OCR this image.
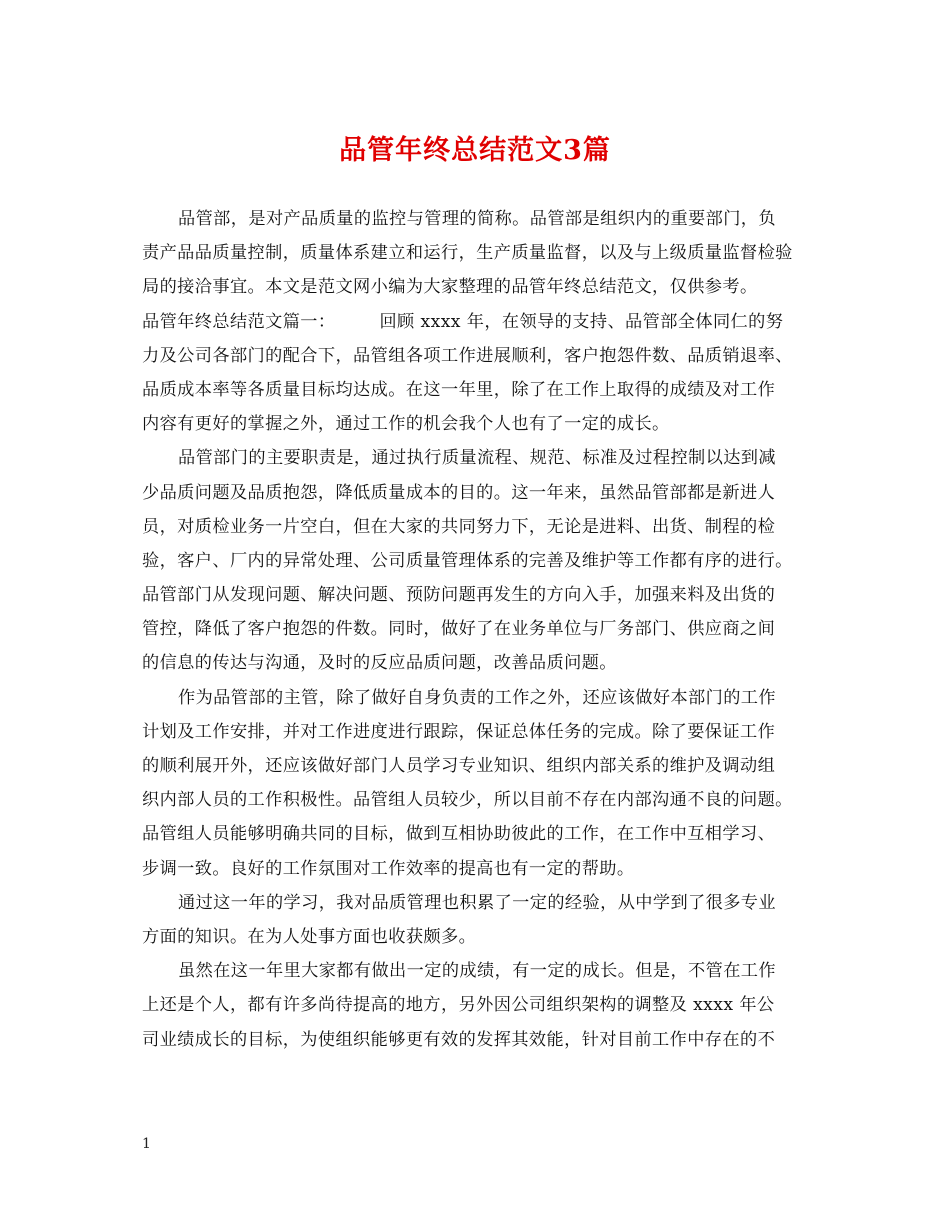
品管年终总结范文3篇
品管部，是对产品质量的监控与管理的简称。品管部是组织内的重要部门，负
责产品品质量控制，质量体系建立和运行，生产质量监督，以及与上级质量监督检验
局的接洽事宜。本文是范文网小编为大家整理的品管年终总结范文，仅供参考。
品管年终总结范文篇一：	回顾 xxxx 年，在领导的支持、品管部全体同仁的努
力及公司各部门的配合下，品管组各项工作进展顺利，客户抱怨件数、品质销退率、
品质成本率等各质量目标均达成。在这一年里，除了在工作上取得的成绩及对工作
内容有更好的掌握之外，通过工作的机会我个人也有了一定的成长。
品管部门的主要职责是，通过执行质量流程、规范、标准及过程控制以达到减
少品质问题及品质抱怨，降低质量成本的目的。这一年来，虽然品管部都是新进人
员，对质检业务一片空白，但在大家的共同努力下，无论是进料、出货、制程的检
验，客户、厂内的异常处理、公司质量管理体系的完善及维护等工作都有序的进行。
品管部门从发现问题、解决问题、预防问题再发生的方向入手，加强来料及出货的
管控，降低了客户抱怨的件数。同时，做好了在业务单位与厂务部门、供应商之间
的信息的传达与沟通，及时的反应品质问题，改善品质问题。
作为品管部的主管，除了做好自身负责的工作之外，还应该做好本部门的工作
计划及工作安排，并对工作进度进行跟踪，保证总体任务的完成。除了要保证工作
的顺利展开外，还应该做好部门人员学习专业知识、组织内部关系的维护及调动组
织内部人员的工作积极性。品管组人员较少，所以目前不存在内部沟通不良的问题。
品管组人员能够明确共同的目标，做到互相协助彼此的工作，在工作中互相学习、
步调一致。良好的工作氛围对工作效率的提高也有一定的帮助。
通过这一年的学习，我对品质管理也积累了一定的经验，从中学到了很多专业
方面的知识。在为人处事方面也收获颇多。
虽然在这一年里大家都有做出一定的成绩，有一定的成长。但是，不管在工作
上还是个人，都有许多尚待提高的地方，另外因公司组织架构的调整及 xxxx 年公
司业绩成长的目标，为使组织能够更有效的发挥其效能，针对目前工作中存在的不
1
